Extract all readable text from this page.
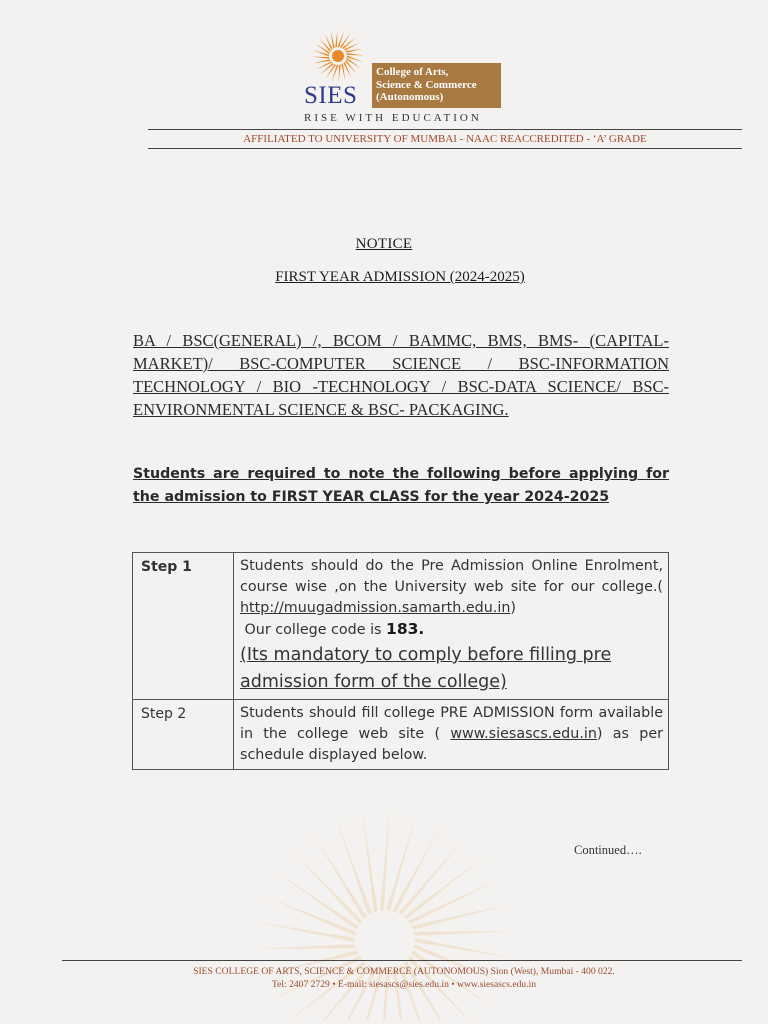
SIES
College of Arts,
Science & Commerce
(Autonomous)
RISE WITH EDUCATION
AFFILIATED TO UNIVERSITY OF MUMBAI - NAAC REACCREDITED - ‘A’ GRADE
NOTICE
FIRST YEAR ADMISSION (2024-2025)
BA / BSC(GENERAL) /, BCOM / BAMMC, BMS, BMS- (CAPITAL-MARKET)/ BSC-COMPUTER SCIENCE / BSC-INFORMATION TECHNOLOGY / BIO -TECHNOLOGY / BSC-DATA SCIENCE/ BSC-ENVIRONMENTAL SCIENCE & BSC- PACKAGING.
Students are required to note the following before applying for the admission to FIRST YEAR CLASS for the year 2024-2025
Step 1	Students should do the Pre Admission Online Enrolment, course wise ,on the University web site for our college.( http://muugadmission.samarth.edu.in)
Our college code is 183.
(Its mandatory to comply before filling pre admission form of the college)

Step 2	Students should fill college PRE ADMISSION form available in the college web site ( www.siesascs.edu.in) as per schedule displayed below.
Continued….
SIES COLLEGE OF ARTS, SCIENCE & COMMERCE (AUTONOMOUS) Sion (West), Mumbai - 400 022.
Tel: 2407 2729 • E-mail: siesascs@sies.edu.in • www.siesascs.edu.in
